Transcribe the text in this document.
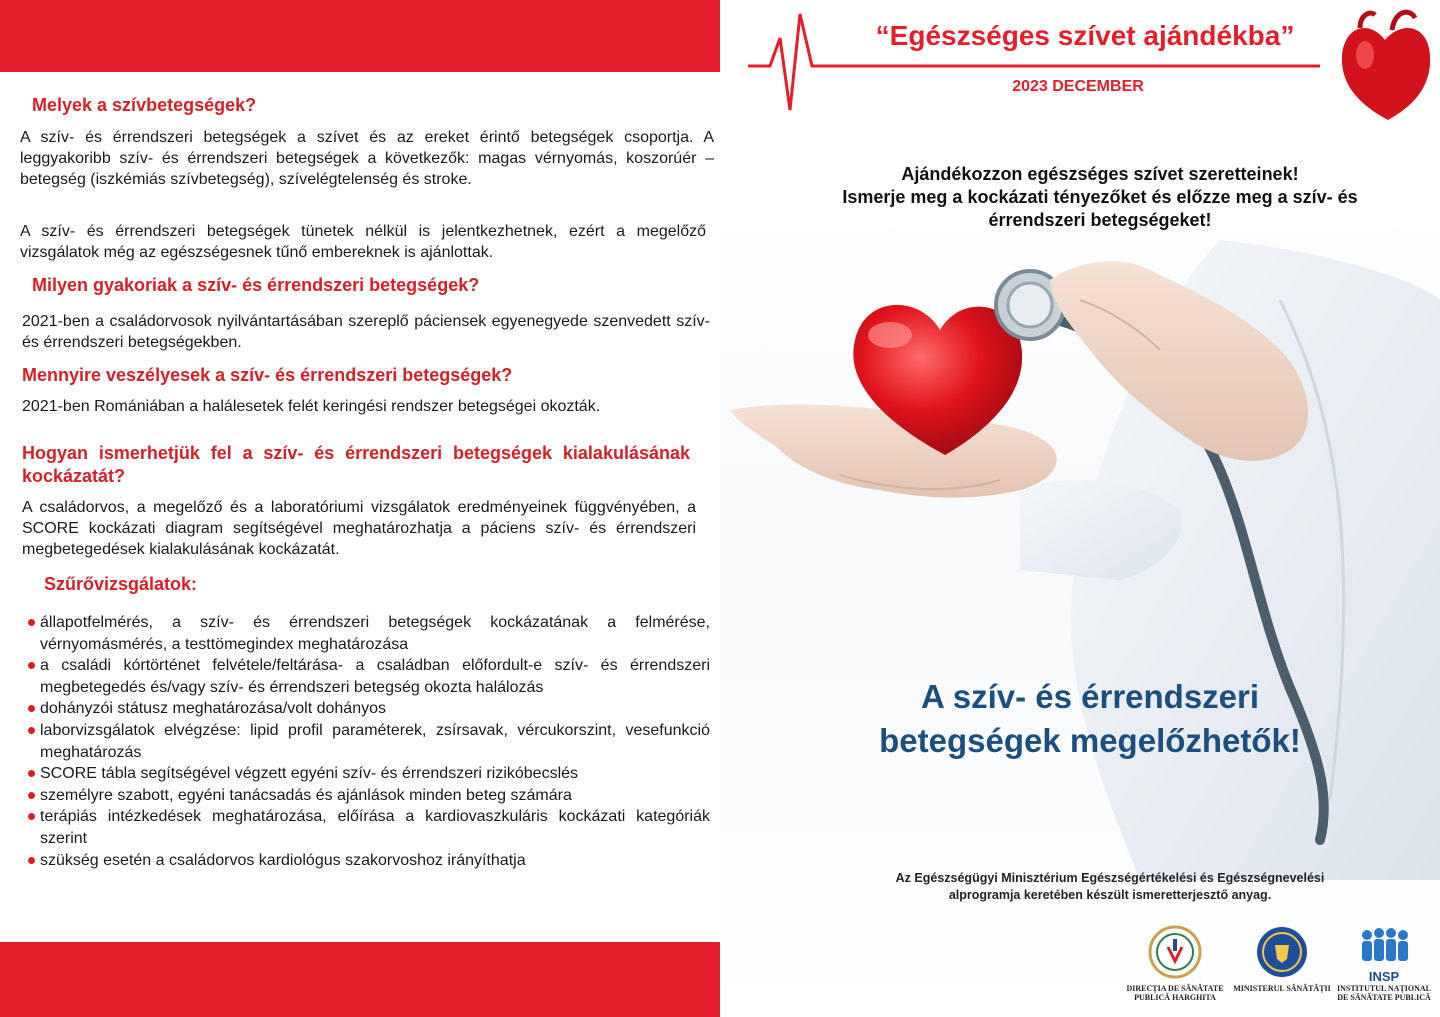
Melyek a szívbetegségek?

A szív- és érrendszeri betegségek a szívet és az ereket érintő betegségek csoportja. A leggyakoribb szív- és érrendszeri betegségek a következők: magas vérnyomás, koszorúér – betegség (iszkémiás szívbetegség), szívelégtelenség és stroke.

A szív- és érrendszeri betegségek tünetek nélkül is jelentkezhetnek, ezért a megelőző vizsgálatok még az egészségesnek tűnő embereknek is ajánlottak.

Milyen gyakoriak a szív- és érrendszeri betegségek?

2021-ben a családorvosok nyilvántartásában szereplő páciensek egyenegyede szenvedett szív- és érrendszeri betegségekben.

Mennyire veszélyesek a szív- és érrendszeri betegségek?

2021-ben Romániában a halálesetek felét keringési rendszer betegségei okozták.

Hogyan ismerhetjük fel a szív- és érrendszeri betegségek kialakulásának kockázatát?

A családorvos, a megelőző és a laboratóriumi vizsgálatok eredményeinek függvényében, a SCORE kockázati diagram segítségével meghatározhatja a páciens szív- és érrendszeri megbetegedések kialakulásának kockázatát.

Szűrővizsgálatok:
állapotfelmérés, a szív- és érrendszeri betegségek kockázatának a felmérése, vérnyomásmérés, a testtömegindex meghatározása
a családi kórtörténet felvétele/feltárása- a családban előfordult-e szív- és érrendszeri megbetegedés és/vagy szív- és érrendszeri betegség okozta halálozás
dohányzói státusz meghatározása/volt dohányos
laborvizsgálatok elvégzése: lipid profil paraméterek, zsírsavak, vércukorszint, vesefunkció meghatározás
SCORE tábla segítségével végzett egyéni szív- és érrendszeri rizikóbecslés
személyre szabott, egyéni tanácsadás és ajánlások minden beteg számára
terápiás intézkedések meghatározása, előírása a kardiovaszkuláris kockázati kategóriák szerint
szükség esetén a családorvos kardiológus szakorvoshoz irányíthatja
“Egészséges szívet ajándékba”
2023 DECEMBER

Ajándékozzon egészséges szívet szeretteinek!
Ismerje meg a kockázati tényezőket és előzze meg a szív- és
érrendszeri betegségeket!

A szív- és érrendszeri
betegségek megelőzhetők!

Az Egészségügyi Minisztérium Egészségértékelési és Egészségnevelési
alprogramja keretében készült ismeretterjesztő anyag.

DIRECȚIA DE SĂNĂTATE
PUBLICĂ HARGHITA
MINISTERUL SĂNĂTĂȚII
INSP
INSTITUTUL NAȚIONAL
DE SĂNĂTATE PUBLICĂ
